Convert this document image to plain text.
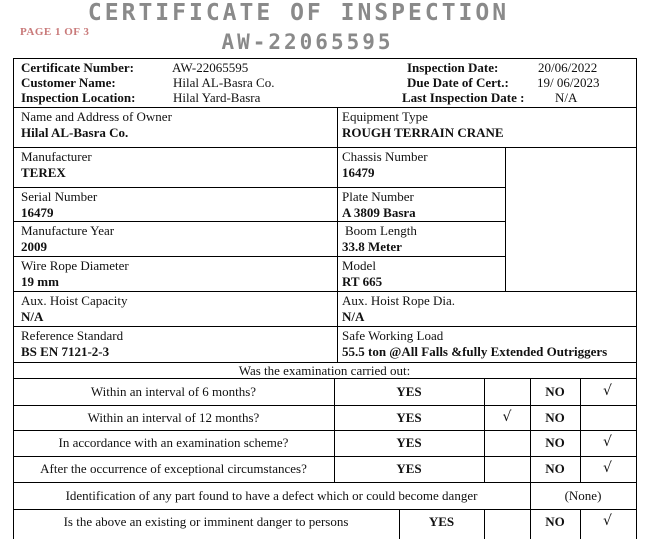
CERTIFICATE OF INSPECTION
AW-22065595
PAGE 1 OF 3
Certificate Number:	AW-22065595
Customer Name:	Hilal AL-Basra Co.
Inspection Location:	Hilal Yard-Basra
Inspection Date:	20/06/2022
Due Date of Cert.: 19/ 06/2023
Last Inspection Date : N/A
Name and Address of Owner
Hilal AL-Basra Co.
Equipment Type
ROUGH TERRAIN CRANE
Manufacturer
TEREX
Chassis Number
16479
Serial Number
16479
Plate Number
A 3809 Basra
Manufacture Year
2009
Boom Length
33.8 Meter
Wire Rope Diameter
19 mm
Model
RT 665
Aux. Hoist Capacity
N/A
Aux. Hoist Rope Dia.
N/A
Reference Standard
BS EN 7121-2-3
Safe Working Load
55.5 ton @All Falls &fully Extended Outriggers
Was the examination carried out:
Within an interval of 6 months?	YES	NO	√
Within an interval of 12 months?	YES	√	NO
In accordance with an examination scheme?	YES	NO	√
After the occurrence of exceptional circumstances?	YES	NO	√
Identification of any part found to have a defect which or could become danger	(None)
Is the above an existing or imminent danger to persons	YES	NO	√
